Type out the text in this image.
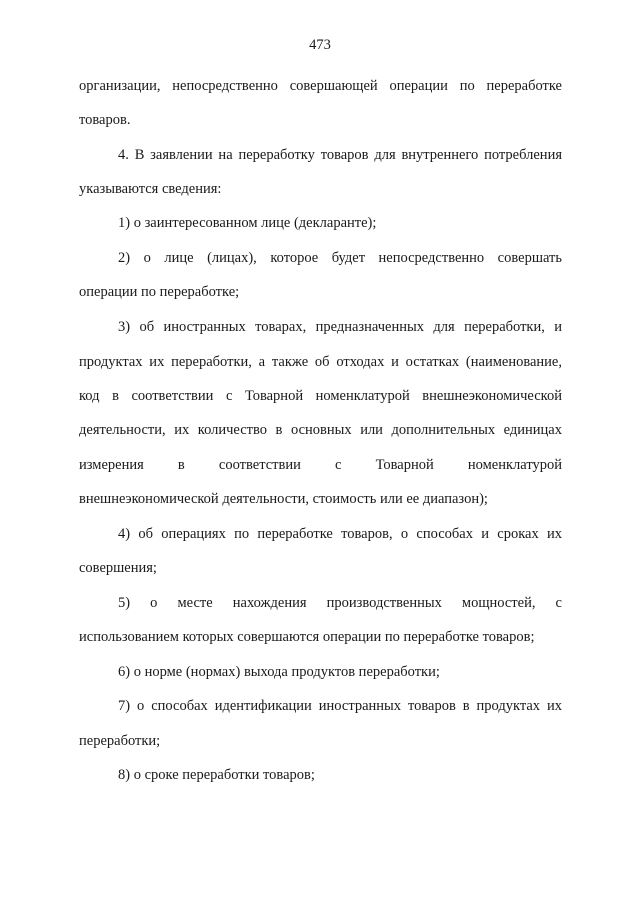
473
организации, непосредственно совершающей операции по переработке
товаров.
4. В заявлении на переработку товаров для внутреннего потребления
указываются сведения:
1) о заинтересованном лице (декларанте);
2) о лице (лицах), которое будет непосредственно совершать
операции по переработке;
3) об иностранных товарах, предназначенных для переработки, и
продуктах их переработки, а также об отходах и остатках (наименование,
код в соответствии с Товарной номенклатурой внешнеэкономической
деятельности, их количество в основных или дополнительных единицах
измерения в соответствии с Товарной номенклатурой
внешнеэкономической деятельности, стоимость или ее диапазон);
4) об операциях по переработке товаров, о способах и сроках их
совершения;
5) о месте нахождения производственных мощностей, с
использованием которых совершаются операции по переработке товаров;
6) о норме (нормах) выхода продуктов переработки;
7) о способах идентификации иностранных товаров в продуктах их
переработки;
8) о сроке переработки товаров;
